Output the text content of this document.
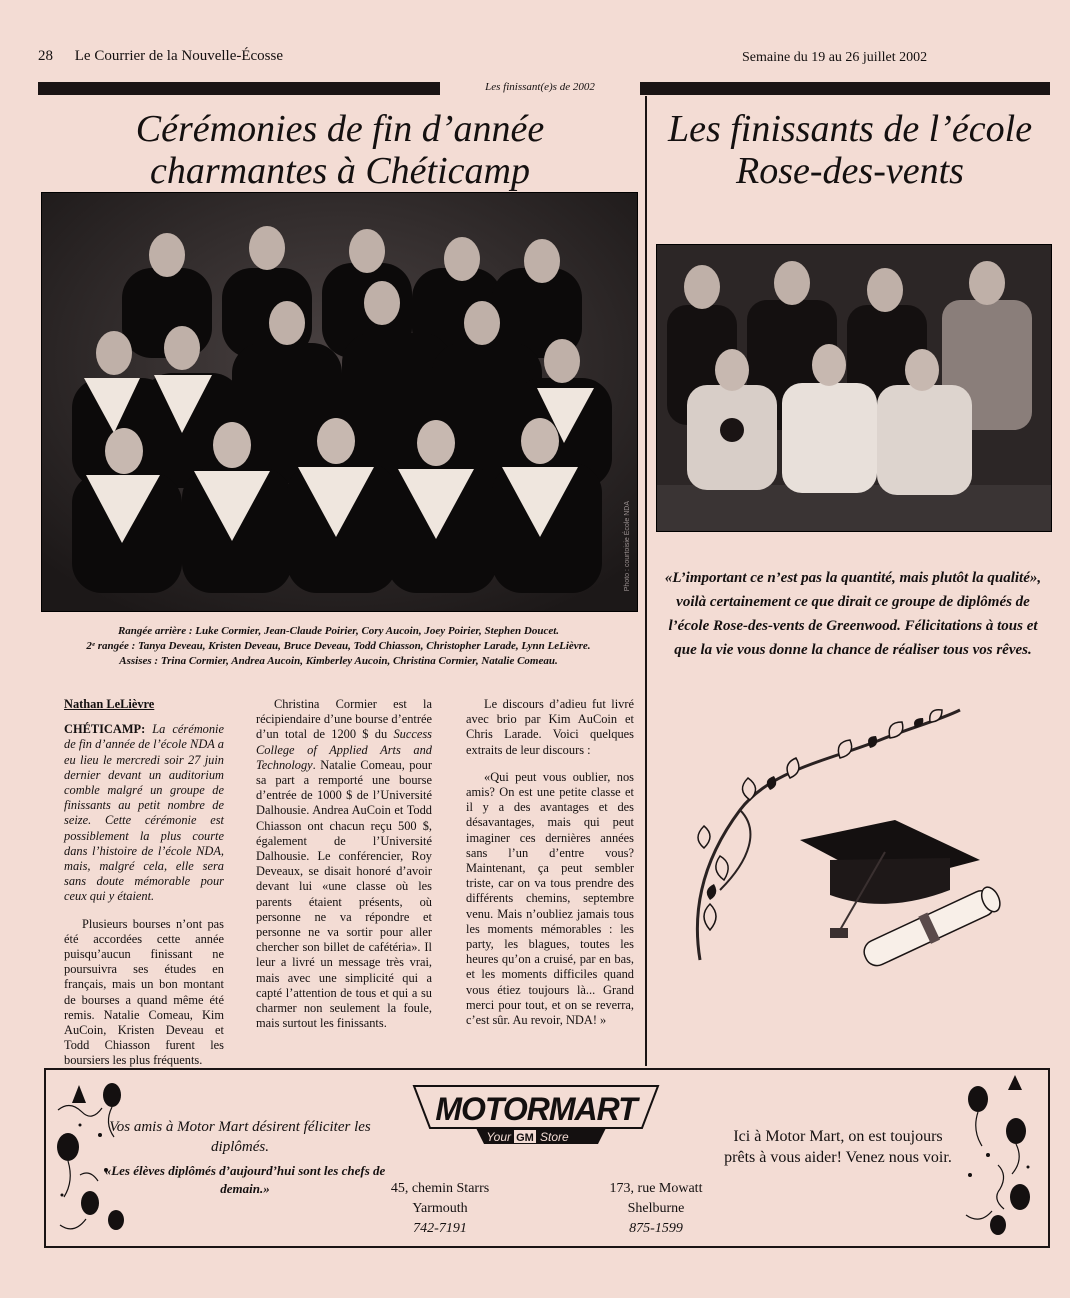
28 Le Courrier de la Nouvelle-Écosse	Semaine du 19 au 26 juillet 2002
Les finissant(e)s de 2002
Cérémonies de fin d’année
charmantes à Chéticamp
Les finissants de l’école
Rose-des-vents
Photo : courtoisie École NDA
Rangée arrière : Luke Cormier, Jean-Claude Poirier, Cory Aucoin, Joey Poirier, Stephen Doucet.
2ᵉ rangée : Tanya Deveau, Kristen Deveau, Bruce Deveau, Todd Chiasson, Christopher Larade, Lynn LeLièvre.
Assises : Trina Cormier, Andrea Aucoin, Kimberley Aucoin, Christina Cormier, Natalie Comeau.
«L’important ce n’est pas la quantité, mais plutôt la qualité», voilà certainement ce que dirait ce groupe de diplômés de l’école Rose-des-vents de Greenwood. Félicitations à tous et que la vie vous donne la chance de réaliser tous vos rêves.
Nathan LeLièvre

CHÉTICAMP: La cérémonie de fin d’année de l’école NDA a eu lieu le mercredi soir 27 juin dernier devant un auditorium comble malgré un groupe de finissants au petit nombre de seize. Cette cérémonie est possiblement la plus courte dans l’histoire de l’école NDA, mais, malgré cela, elle sera sans doute mémorable pour ceux qui y étaient.

Plusieurs bourses n’ont pas été accordées cette année puisqu’aucun finissant ne poursuivra ses études en français, mais un bon montant de bourses a quand même été remis. Natalie Comeau, Kim AuCoin, Kristen Deveau et Todd Chiasson furent les boursiers les plus fréquents.

Christina Cormier est la récipiendaire d’une bourse d’entrée d’un total de 1200 $ du Success College of Applied Arts and Technology. Natalie Comeau, pour sa part a remporté une bourse d’entrée de 1000 $ de l’Université Dalhousie. Andrea AuCoin et Todd Chiasson ont chacun reçu 500 $, également de l’Université Dalhousie. Le conférencier, Roy Deveaux, se disait honoré d’avoir devant lui «une classe où les parents étaient présents, où personne ne va répondre et personne ne va sortir pour aller chercher son billet de cafétéria». Il leur a livré un message très vrai, mais avec une simplicité qui a capté l’attention de tous et qui a su charmer non seulement la foule, mais surtout les finissants.

Le discours d’adieu fut livré avec brio par Kim AuCoin et Chris Larade. Voici quelques extraits de leur discours :

«Qui peut vous oublier, nos amis? On est une petite classe et il y a des avantages et des désavantages, mais qui peut imaginer ces dernières années sans l’un d’entre vous? Maintenant, ça peut sembler triste, car on va tous prendre des différents chemins, septembre venu. Mais n’oubliez jamais tous les moments mémorables : les party, les blagues, toutes les heures qu’on a cruisé, par en bas, et les moments difficiles quand vous étiez toujours là... Grand merci pour tout, et on se reverra, c’est sûr. Au revoir, NDA! »

Vos amis à Motor Mart désirent féliciter les diplômés.
«Les élèves diplômés d’aujourd’hui sont les chefs de demain.»
MOTORMART
Your GM Store
45, chemin Starrs
Yarmouth
742-7191
173, rue Mowatt
Shelburne
875-1599
Ici à Motor Mart, on est toujours prêts à vous aider! Venez nous voir.
